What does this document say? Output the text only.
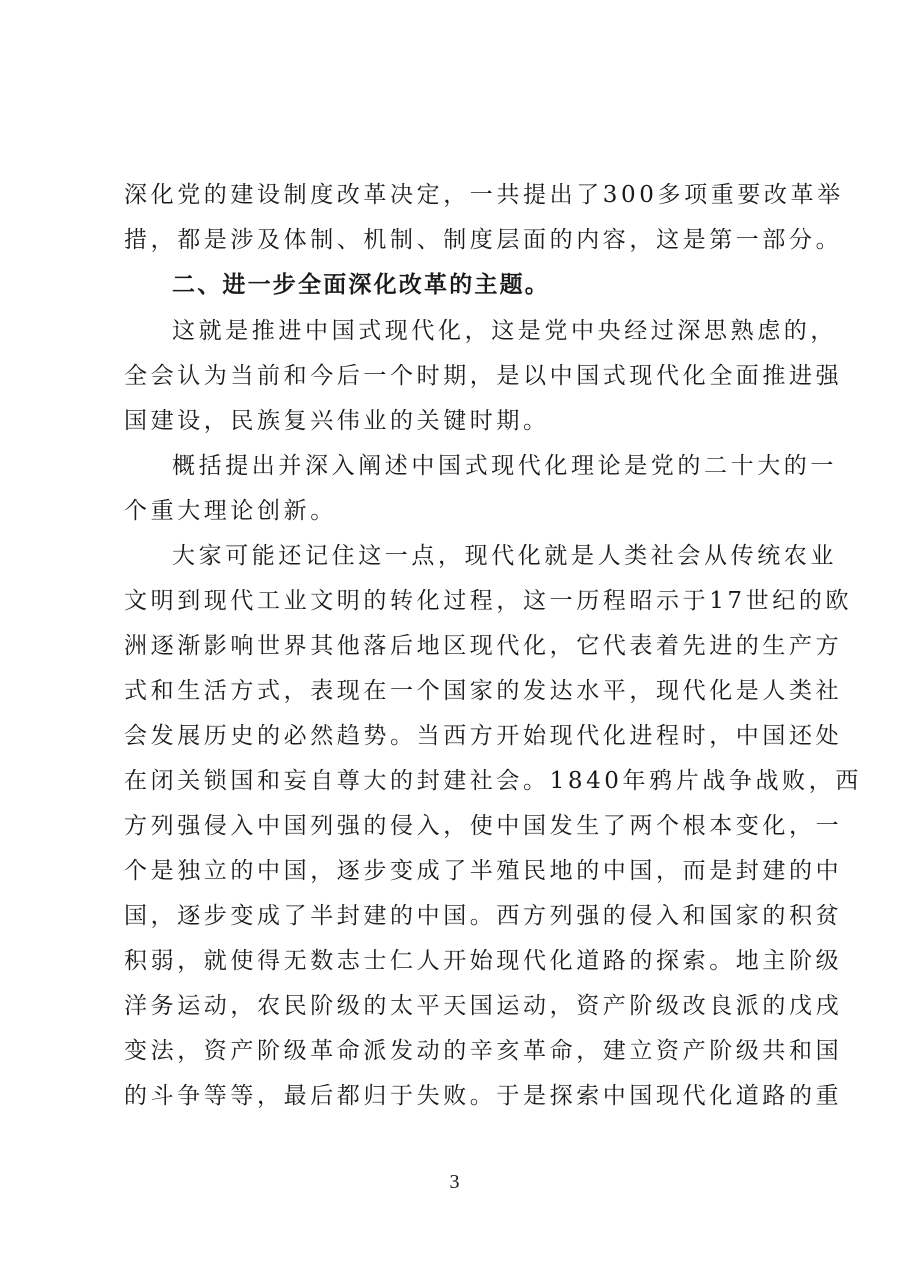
深化党的建设制度改革决定，一共提出了300多项重要改革举
措，都是涉及体制、机制、制度层面的内容，这是第一部分。
二、进一步全面深化改革的主题。
这就是推进中国式现代化，这是党中央经过深思熟虑的，
全会认为当前和今后一个时期，是以中国式现代化全面推进强
国建设，民族复兴伟业的关键时期。
概括提出并深入阐述中国式现代化理论是党的二十大的一
个重大理论创新。
大家可能还记住这一点，现代化就是人类社会从传统农业
文明到现代工业文明的转化过程，这一历程昭示于17世纪的欧
洲逐渐影响世界其他落后地区现代化，它代表着先进的生产方
式和生活方式，表现在一个国家的发达水平，现代化是人类社
会发展历史的必然趋势。当西方开始现代化进程时，中国还处
在闭关锁国和妄自尊大的封建社会。1840年鸦片战争战败，西
方列强侵入中国列强的侵入，使中国发生了两个根本变化，一
个是独立的中国，逐步变成了半殖民地的中国，而是封建的中
国，逐步变成了半封建的中国。西方列强的侵入和国家的积贫
积弱，就使得无数志士仁人开始现代化道路的探索。地主阶级
洋务运动，农民阶级的太平天国运动，资产阶级改良派的戊戌
变法，资产阶级革命派发动的辛亥革命，建立资产阶级共和国
的斗争等等，最后都归于失败。于是探索中国现代化道路的重
3
